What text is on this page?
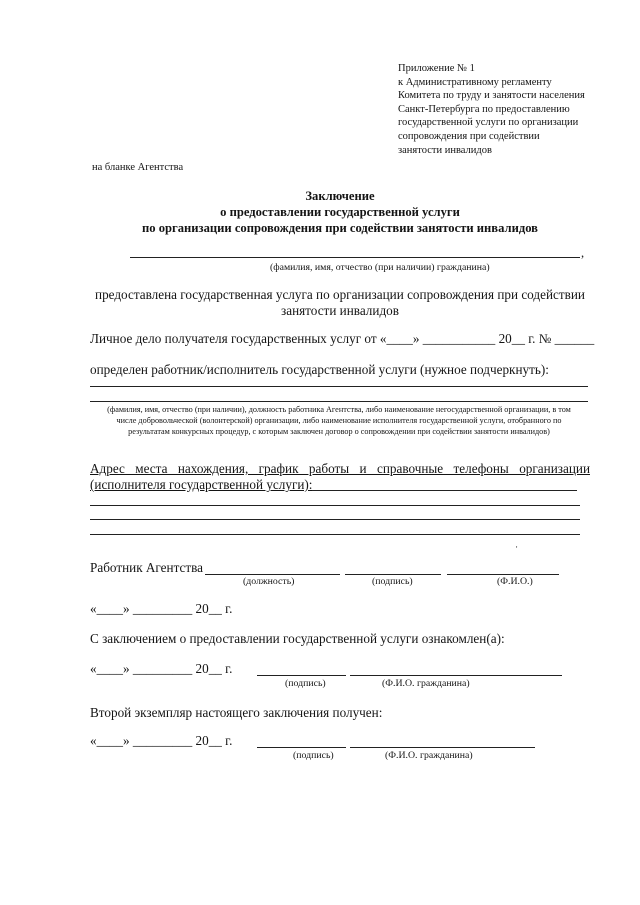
Приложение № 1
к Административному регламенту
Комитета по труду и занятости населения
Санкт-Петербурга по предоставлению
государственной услуги по организации
сопровождения при содействии
занятости инвалидов
на бланке Агентства
Заключение
о предоставлении государственной услуги
по организации сопровождения при содействии занятости инвалидов
,
(фамилия, имя, отчество (при наличии) гражданина)
предоставлена государственная услуга по организации сопровождения при содействии занятости инвалидов
Личное дело получателя государственных услуг от «____» ___________ 20__ г. № ______
определен работник/исполнитель государственной услуги (нужное подчеркнуть):
(фамилия, имя, отчество (при наличии), должность работника Агентства, либо наименование негосударственной организации, в том числе добровольческой (волонтерской) организации, либо наименование исполнителя государственной услуги, отобранного по результатам конкурсных процедур, с которым заключен договор о сопровождении при содействии занятости инвалидов)
Адрес места нахождения, график работы и справочные телефоны организации
(исполнителя государственной услуги):
·
Работник Агентства
(должность)	(подпись)	(Ф.И.О.)
«____» _________ 20__ г.
С заключением о предоставлении государственной услуги ознакомлен(а):
«____» _________ 20__ г.
(подпись)	(Ф.И.О. гражданина)
Второй экземпляр настоящего заключения получен:
«____» _________ 20__ г.
(подпись)	(Ф.И.О. гражданина)
